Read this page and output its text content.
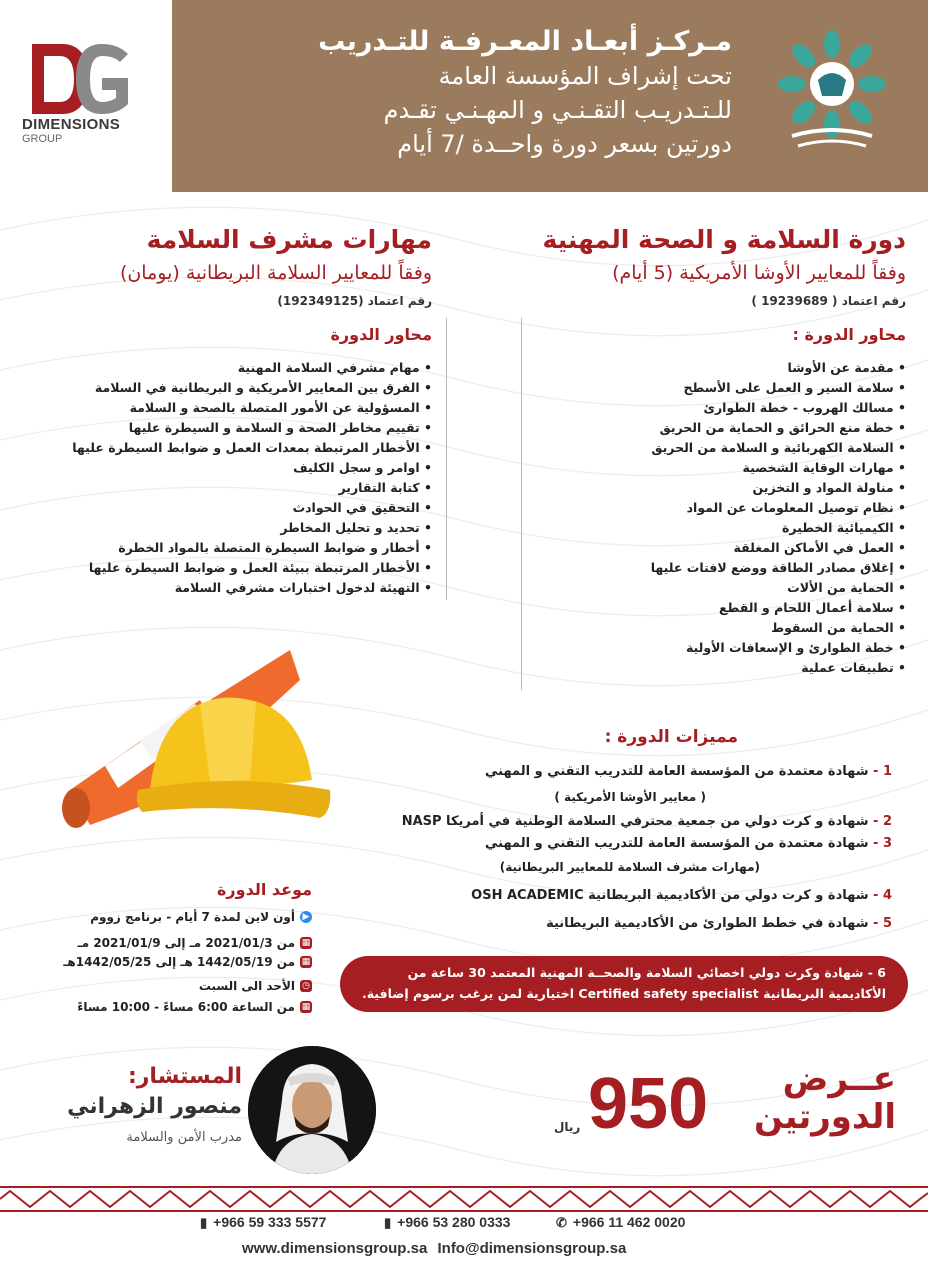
DIMENSIONS
GROUP
مـركـز أبعـاد المعـرفـة للتـدريب
تحت إشراف المؤسسة العامة
للـتـدريـب التقـنـي و المهـنـي تقـدم
دورتين بسعر دورة واحــدة /7 أيام
دورة السلامة و الصحة المهنية
وفقاً للمعايير الأوشا الأمريكية (5 أيام)
رقم اعتماد ( 19239689 )
محاور الدورة :
• مقدمة عن الأوشا
• سلامة السير و العمل على الأسطح
• مسالك الهروب - خطة الطوارئ
• خطة منع الحرائق و الحماية من الحريق
• السلامة الكهربائية و السلامة من الحريق
• مهارات الوقاية الشخصية
• مناولة المواد و التخزين
• نظام توصيل المعلومات عن المواد
• الكيميائية الخطيرة
• العمل في الأماكن المغلقة
• إغلاق مصادر الطاقة ووضع لافتات عليها
• الحماية من الألات
• سلامة أعمال اللحام و القطع
• الحماية من السقوط
• خطة الطوارئ و الإسعافات الأولية
• تطبيقات عملية
مهارات مشرف السلامة
وفقاً للمعايير السلامة البريطانية (يومان)
رقم اعتماد (192349125)
محاور الدورة
• مهام مشرفي السلامة المهنية
• الفرق بين المعايير الأمريكية و البريطانية في السلامة
• المسؤولية عن الأمور المتصلة بالصحة و السلامة
• تقييم مخاطر الصحة و السلامة و السيطرة عليها
• الأخطار المرتبطة بمعدات العمل و ضوابط السيطرة عليها
• اوامر و سجل الكليف
• كتابة التقارير
• التحقيق في الحوادث
• تحديد و تحليل المخاطر
• أخطار و ضوابط السيطرة المتصلة بالمواد الخطرة
• الأخطار المرتبطة ببيئة العمل و ضوابط السيطرة عليها
• التهيئة لدخول اختبارات مشرفي السلامة
مميزات الدورة :
1 - شهادة معتمدة من المؤسسة العامة للتدريب التقني و المهني
( معايير الأوشا الأمريكية )
2 - شهادة و كرت دولي من جمعية محترفي السلامة الوطنية في أمريكا NASP
3 - شهادة معتمدة من المؤسسة العامة للتدريب التقني و المهني
(مهارات مشرف السلامة للمعايير البريطانية)
4 - شهادة و كرت دولي من الأكاديمية البريطانية OSH ACADEMIC
5 - شهادة في خطط الطوارئ من الأكاديمية البريطانية
6 - شهادة وكرت دولي اخصائي السلامة والصحــة المهنية المعتمد 30 ساعة من
الأكاديمية البريطانية Certified safety specialist اختيارية لمن يرغب برسوم إضافية.
موعد الدورة
▶
أون لاين لمدة 7 أيام - برنامج زووم
▦
من 2021/01/3 مـ إلى 2021/01/9 مـ
▦
من 1442/05/19 هـ إلى 1442/05/25هـ
◷
الأحد الى السبت
▦
من الساعة 6:00 مساءً - 10:00 مساءً
عــرض
الدورتين
950
ريال
المستشار:
منصور الزهراني
مدرب الأمن والسلامة
▮ +966 59 333 5577	▮ +966 53 280 0333	✆ +966 11 462 0020
www.dimensionsgroup.sa Info@dimensionsgroup.sa
